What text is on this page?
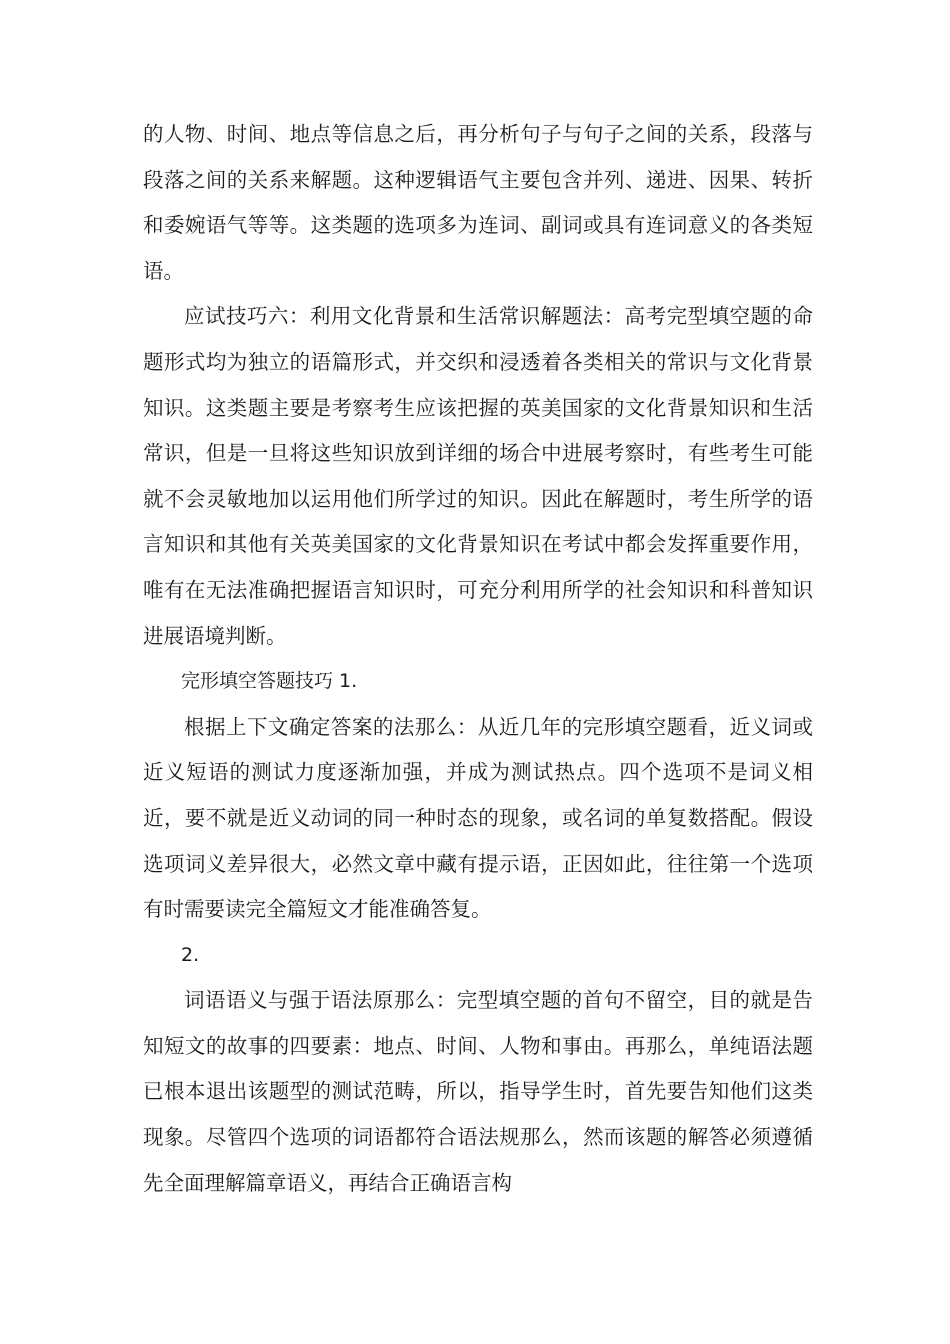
的人物、时间、地点等信息之后，再分析句子与句子之间的关系，段落与段落之间的关系来解题。这种逻辑语气主要包含并列、递进、因果、转折和委婉语气等等。这类题的选项多为连词、副词或具有连词意义的各类短语。

应试技巧六：利用文化背景和生活常识解题法：高考完型填空题的命题形式均为独立的语篇形式，并交织和浸透着各类相关的常识与文化背景知识。这类题主要是考察考生应该把握的英美国家的文化背景知识和生活常识，但是一旦将这些知识放到详细的场合中进展考察时，有些考生可能就不会灵敏地加以运用他们所学过的知识。因此在解题时，考生所学的语言知识和其他有关英美国家的文化背景知识在考试中都会发挥重要作用，唯有在无法准确把握语言知识时，可充分利用所学的社会知识和科普知识进展语境判断。

完形填空答题技巧 1.

根据上下文确定答案的法那么：从近几年的完形填空题看，近义词或近义短语的测试力度逐渐加强，并成为测试热点。四个选项不是词义相近，要不就是近义动词的同一种时态的现象，或名词的单复数搭配。假设选项词义差异很大，必然文章中藏有提示语，正因如此，往往第一个选项有时需要读完全篇短文才能准确答复。

2.

词语语义与强于语法原那么：完型填空题的首句不留空，目的就是告知短文的故事的四要素：地点、时间、人物和事由。再那么，单纯语法题已根本退出该题型的测试范畴，所以，指导学生时，首先要告知他们这类现象。尽管四个选项的词语都符合语法规那么，然而该题的解答必须遵循先全面理解篇章语义，再结合正确语言构
